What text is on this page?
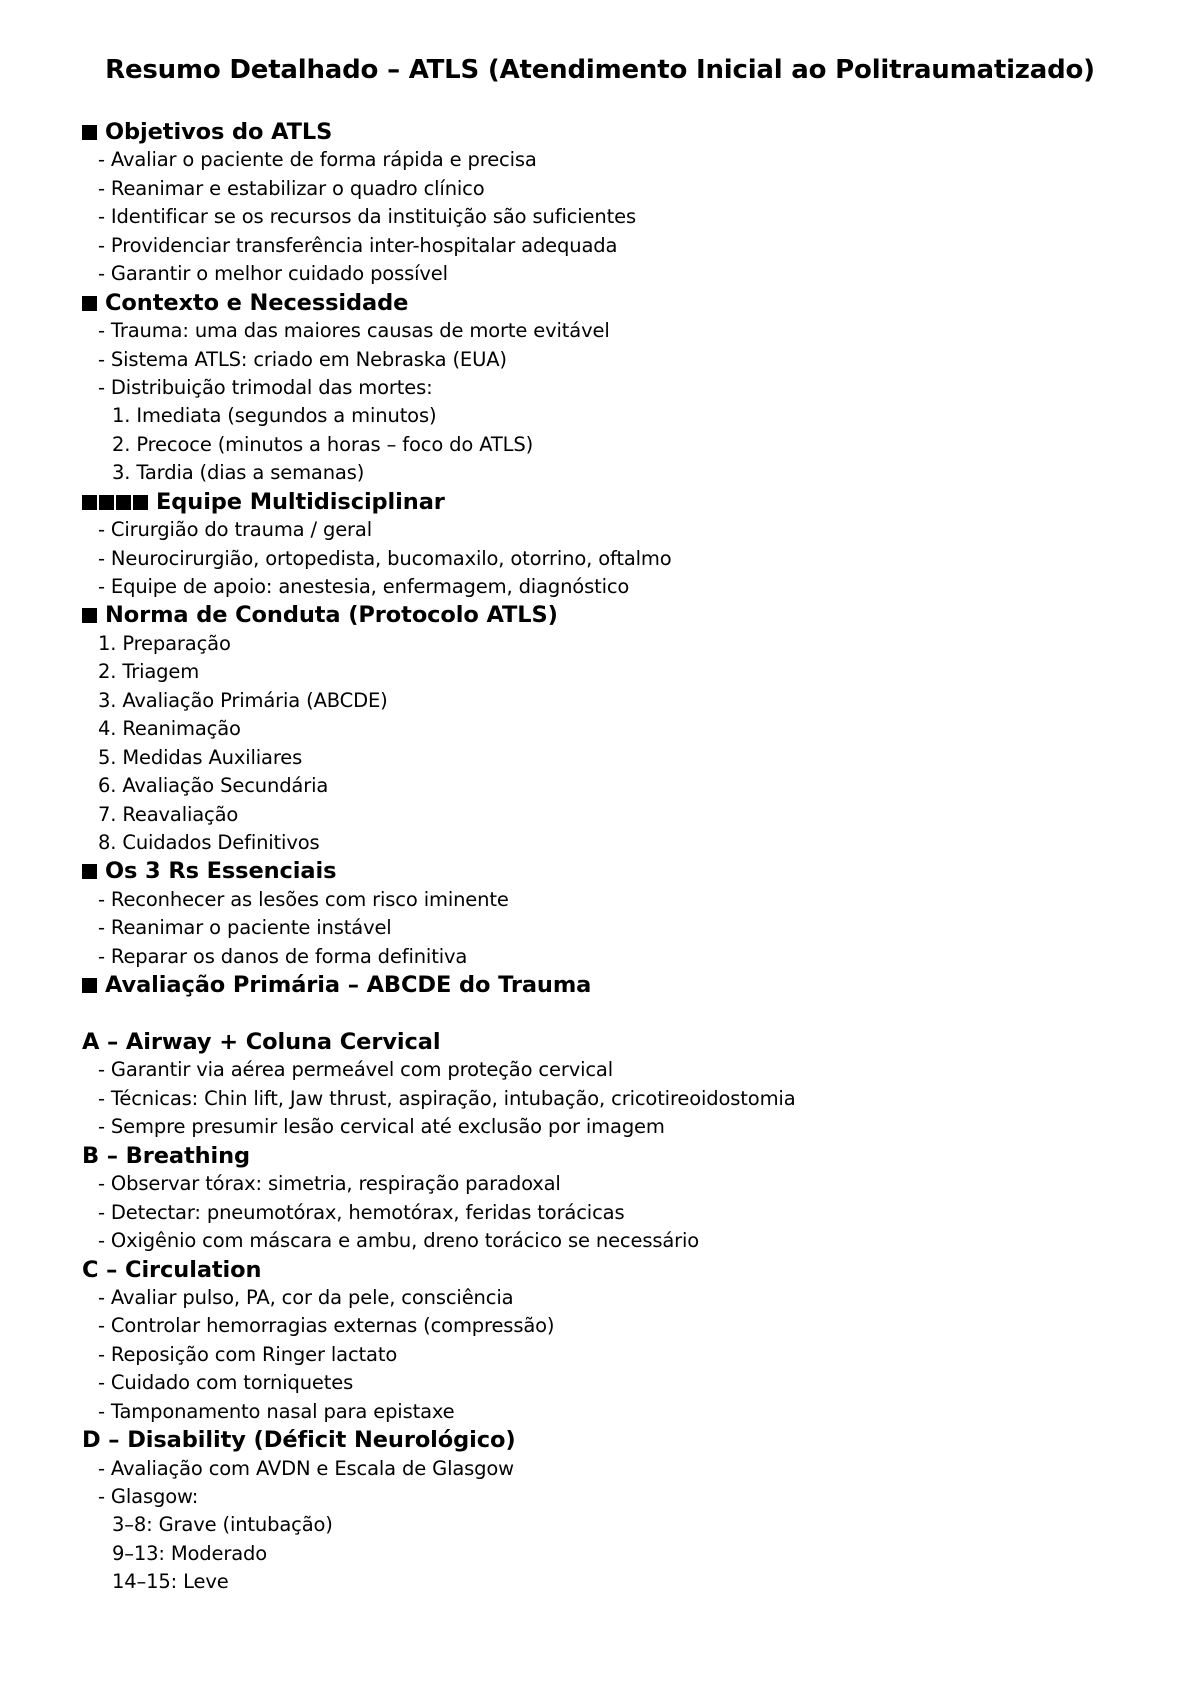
Resumo Detalhado – ATLS (Atendimento Inicial ao Politraumatizado)
Objetivos do ATLS
- Avaliar o paciente de forma rápida e precisa
- Reanimar e estabilizar o quadro clínico
- Identificar se os recursos da instituição são suficientes
- Providenciar transferência inter-hospitalar adequada
- Garantir o melhor cuidado possível
Contexto e Necessidade
- Trauma: uma das maiores causas de morte evitável
- Sistema ATLS: criado em Nebraska (EUA)
- Distribuição trimodal das mortes:
1. Imediata (segundos a minutos)
2. Precoce (minutos a horas – foco do ATLS)
3. Tardia (dias a semanas)
Equipe Multidisciplinar
- Cirurgião do trauma / geral
- Neurocirurgião, ortopedista, bucomaxilo, otorrino, oftalmo
- Equipe de apoio: anestesia, enfermagem, diagnóstico
Norma de Conduta (Protocolo ATLS)
1. Preparação
2. Triagem
3. Avaliação Primária (ABCDE)
4. Reanimação
5. Medidas Auxiliares
6. Avaliação Secundária
7. Reavaliação
8. Cuidados Definitivos
Os 3 Rs Essenciais
- Reconhecer as lesões com risco iminente
- Reanimar o paciente instável
- Reparar os danos de forma definitiva
Avaliação Primária – ABCDE do Trauma
A – Airway + Coluna Cervical
- Garantir via aérea permeável com proteção cervical
- Técnicas: Chin lift, Jaw thrust, aspiração, intubação, cricotireoidostomia
- Sempre presumir lesão cervical até exclusão por imagem
B – Breathing
- Observar tórax: simetria, respiração paradoxal
- Detectar: pneumotórax, hemotórax, feridas torácicas
- Oxigênio com máscara e ambu, dreno torácico se necessário
C – Circulation
- Avaliar pulso, PA, cor da pele, consciência
- Controlar hemorragias externas (compressão)
- Reposição com Ringer lactato
- Cuidado com torniquetes
- Tamponamento nasal para epistaxe
D – Disability (Déficit Neurológico)
- Avaliação com AVDN e Escala de Glasgow
- Glasgow:
3–8: Grave (intubação)
9–13: Moderado
14–15: Leve
